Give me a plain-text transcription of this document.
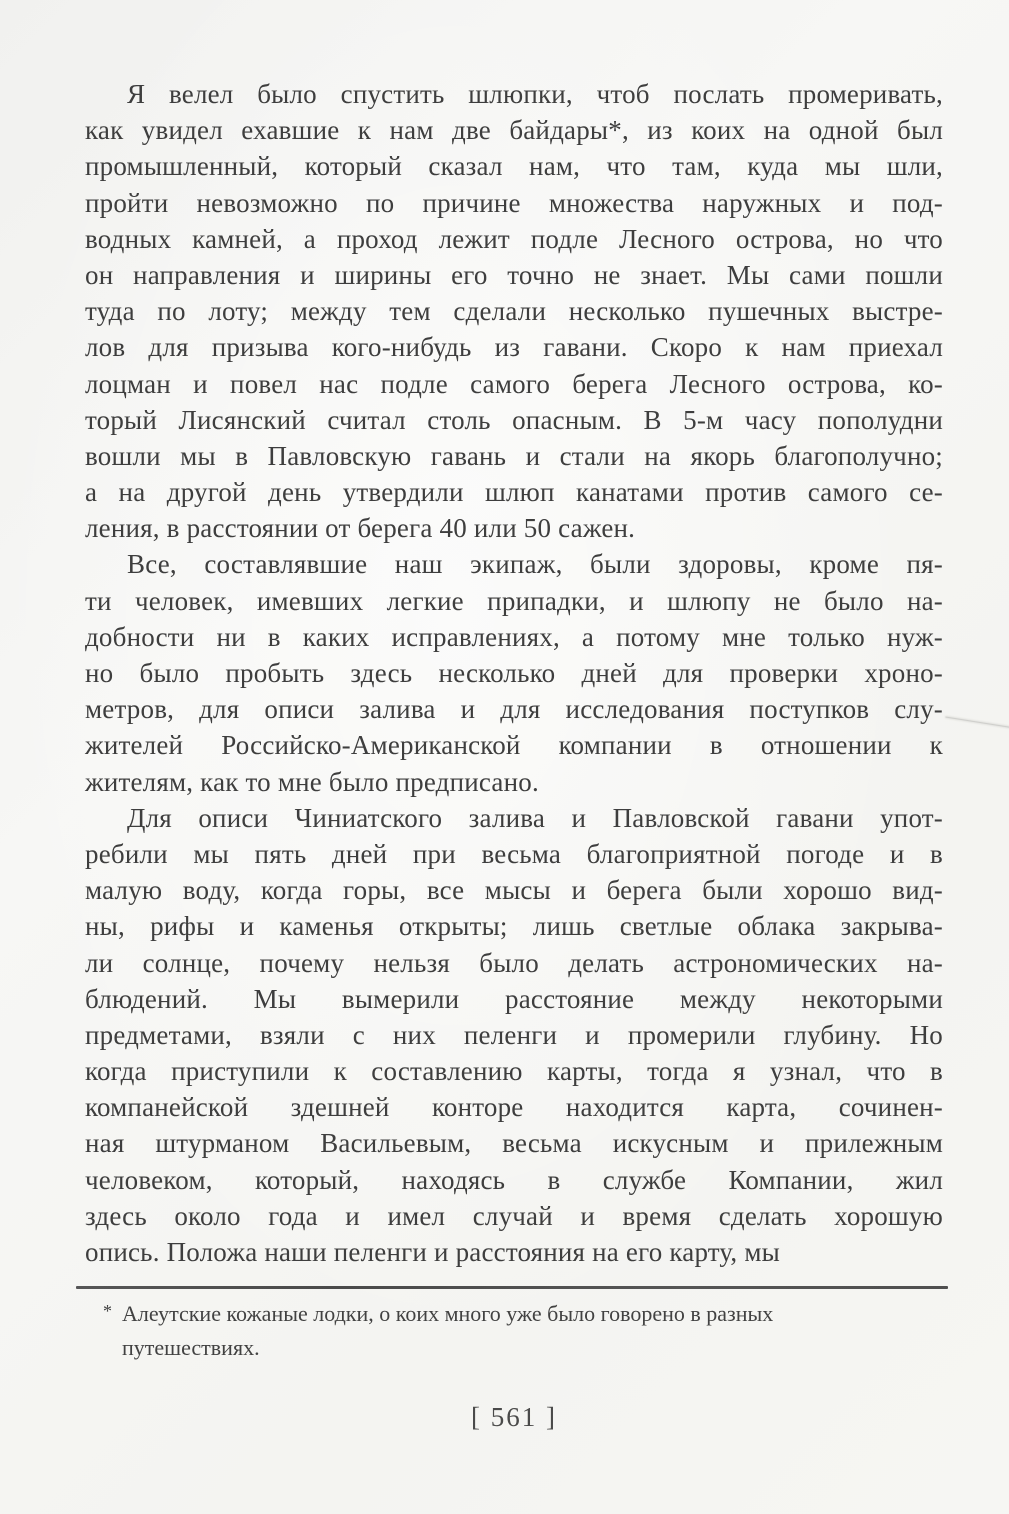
Я велел было спустить шлюпки, чтоб послать промеривать,
как увидел ехавшие к нам две байдары*, из коих на одной был
промышленный, который сказал нам, что там, куда мы шли,
пройти невозможно по причине множества наружных и под-
водных камней, а проход лежит подле Лесного острова, но что
он направления и ширины его точно не знает. Мы сами пошли
туда по лоту; между тем сделали несколько пушечных выстре-
лов для призыва кого-нибудь из гавани. Скоро к нам приехал
лоцман и повел нас подле самого берега Лесного острова, ко-
торый Лисянский считал столь опасным. В 5-м часу пополудни
вошли мы в Павловскую гавань и стали на якорь благополучно;
а на другой день утвердили шлюп канатами против самого се-
ления, в расстоянии от берега 40 или 50 сажен.
Все, составлявшие наш экипаж, были здоровы, кроме пя-
ти человек, имевших легкие припадки, и шлюпу не было на-
добности ни в каких исправлениях, а потому мне только нуж-
но было пробыть здесь несколько дней для проверки хроно-
метров, для описи залива и для исследования поступков слу-
жителей Российско-Американской компании в отношении к
жителям, как то мне было предписано.
Для описи Чиниатского залива и Павловской гавани упот-
ребили мы пять дней при весьма благоприятной погоде и в
малую воду, когда горы, все мысы и берега были хорошо вид-
ны, рифы и каменья открыты; лишь светлые облака закрыва-
ли солнце, почему нельзя было делать астрономических на-
блюдений. Мы вымерили расстояние между некоторыми
предметами, взяли с них пеленги и промерили глубину. Но
когда приступили к составлению карты, тогда я узнал, что в
компанейской здешней конторе находится карта, сочинен-
ная штурманом Васильевым, весьма искусным и прилежным
человеком, который, находясь в службе Компании, жил
здесь около года и имел случай и время сделать хорошую
опись. Положа наши пеленги и расстояния на его карту, мы
* Алеутские кожаные лодки, о коих много уже было говорено в разных
путешествиях.
[ 561 ]
